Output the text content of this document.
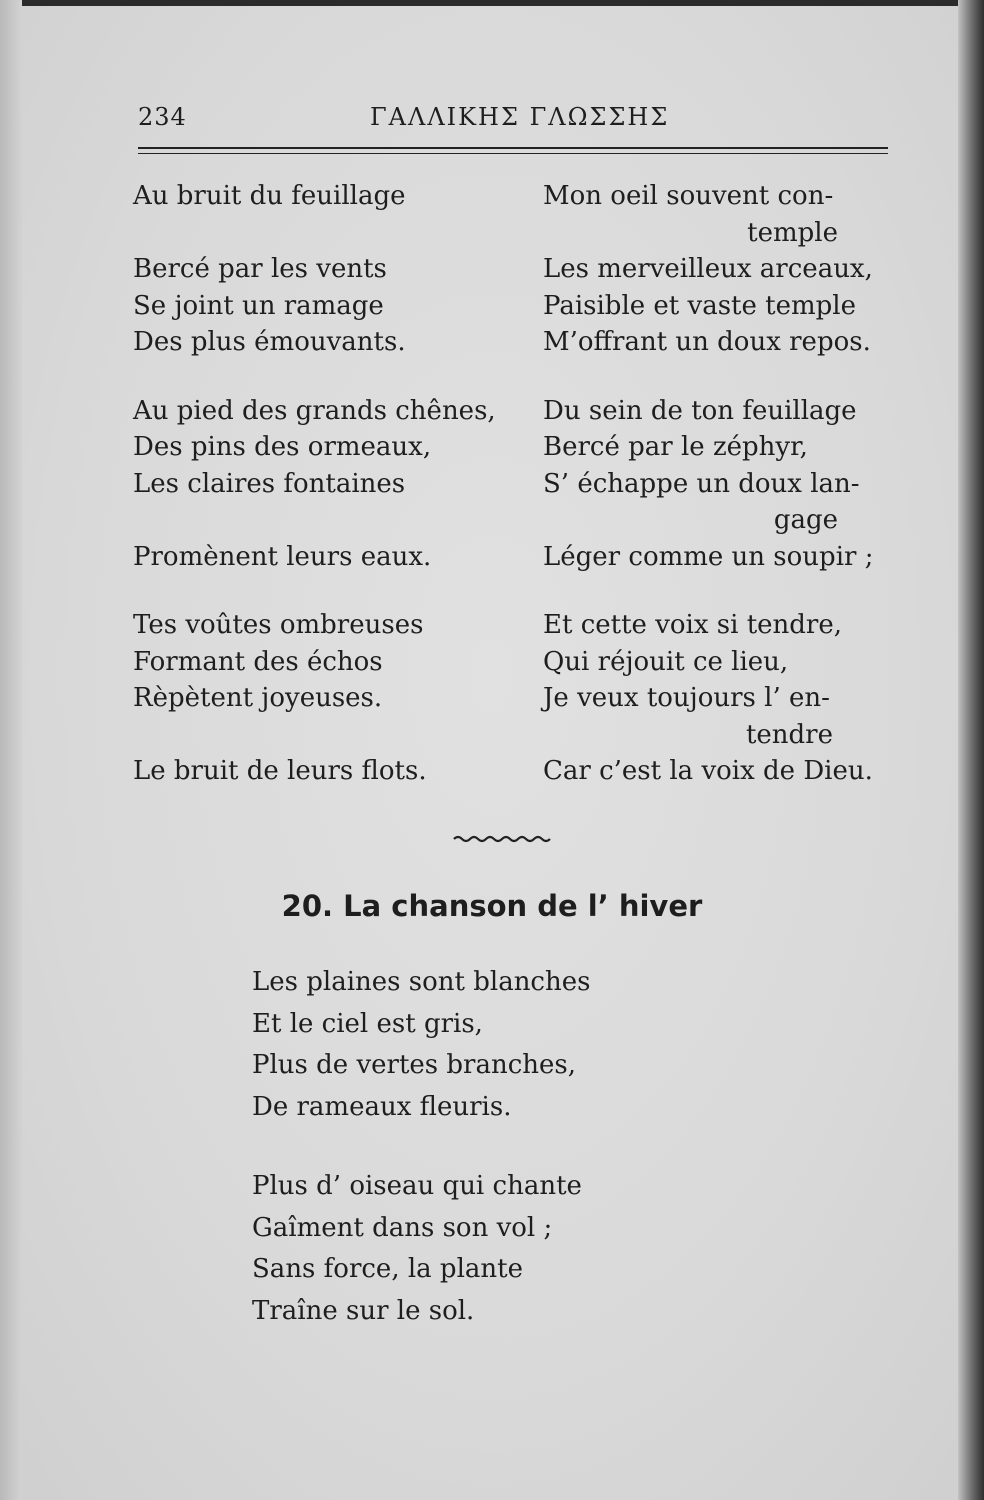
234	ΓΑΛΛΙΚΗΣ ΓΛΩΣΣΗΣ
Au bruit du feuillage
Bercé par les vents
Se joint un ramage
Des plus émouvants.
Au pied des grands chênes,
Des pins des ormeaux,
Les claires fontaines
Promènent leurs eaux.
Tes voûtes ombreuses
Formant des échos
Rèpètent joyeuses.
Le bruit de leurs flots.
Mon oeil souvent con-
temple
Les merveilleux arceaux,
Paisible et vaste temple
M’offrant un doux repos.
Du sein de ton feuillage
Bercé par le zéphyr,
S’ échappe un doux lan-
gage
Léger comme un soupir ;
Et cette voix si tendre,
Qui réjouit ce lieu,
Je veux toujours l’ en-
tendre
Car c’est la voix de Dieu.
20. La chanson de l’ hiver
Les plaines sont blanches
Et le ciel est gris,
Plus de vertes branches,
De rameaux fleuris.
Plus d’ oiseau qui chante
Gaîment dans son vol ;
Sans force, la plante
Traîne sur le sol.
